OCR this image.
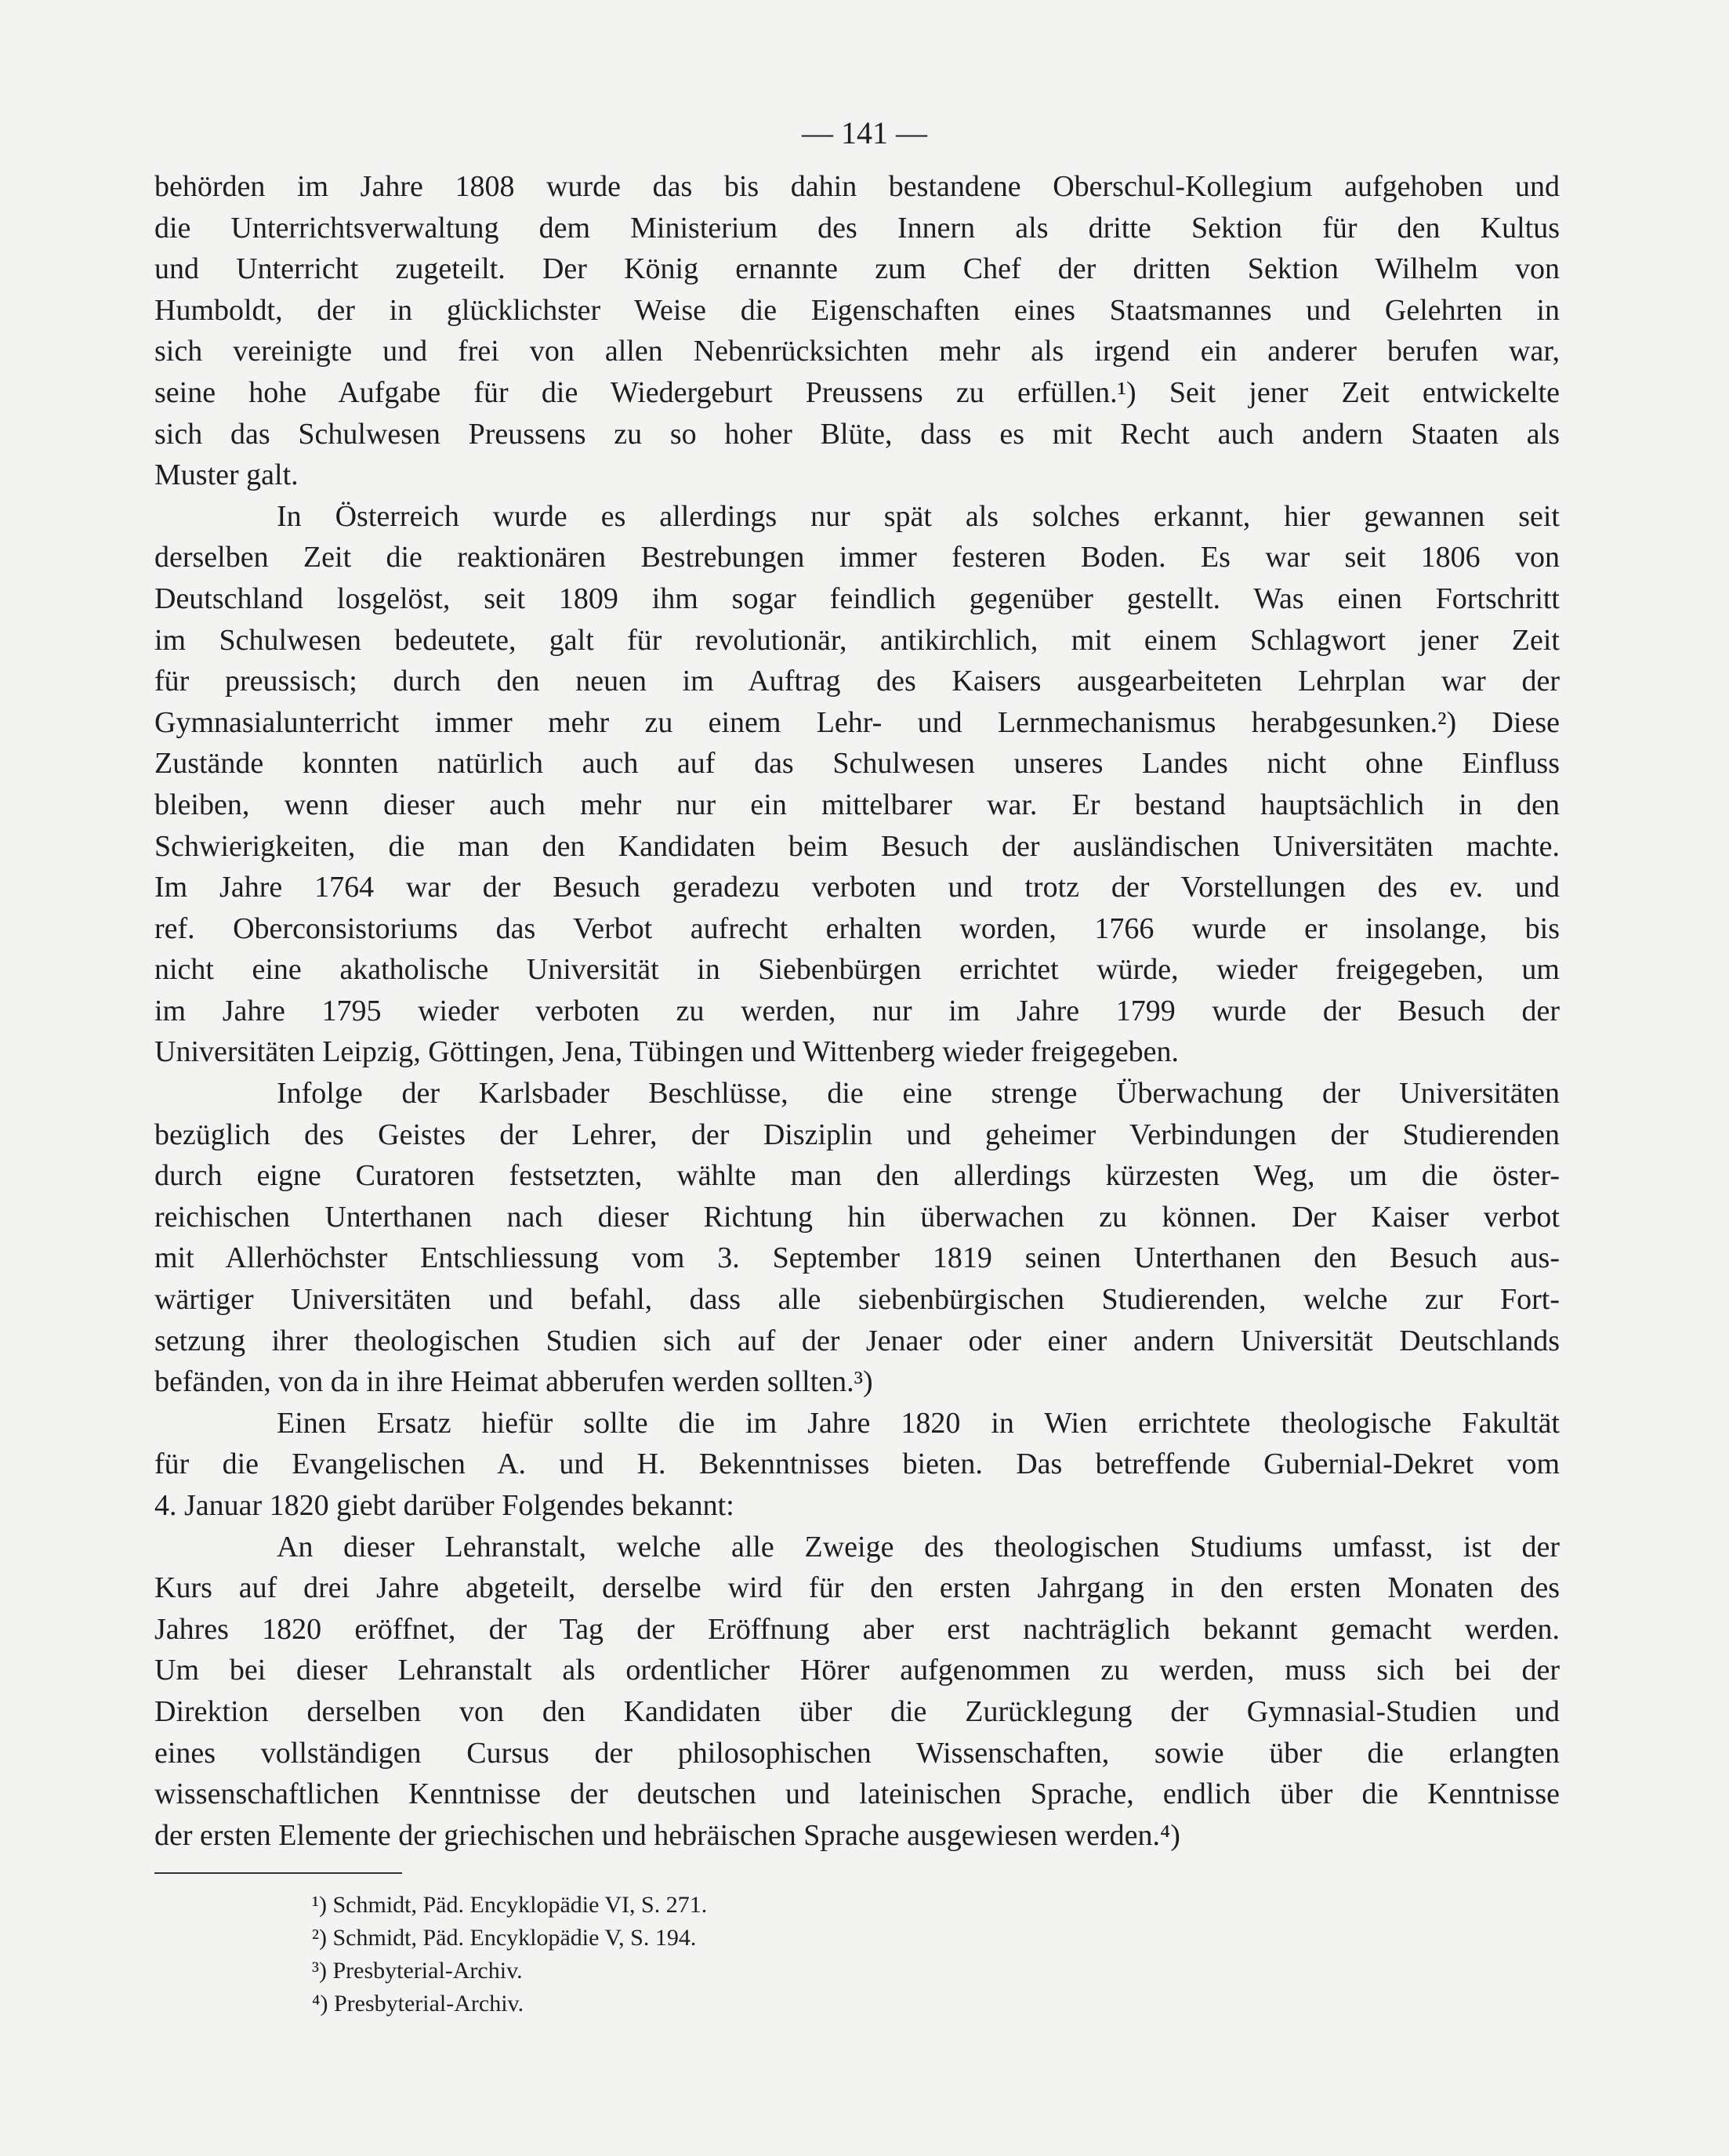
— 141 —
behörden im Jahre 1808 wurde das bis dahin bestandene Oberschul-Kollegium aufgehoben und
die Unterrichtsverwaltung dem Ministerium des Innern als dritte Sektion für den Kultus
und Unterricht zugeteilt. Der König ernannte zum Chef der dritten Sektion Wilhelm von
Humboldt, der in glücklichster Weise die Eigenschaften eines Staatsmannes und Gelehrten in
sich vereinigte und frei von allen Nebenrücksichten mehr als irgend ein anderer berufen war,
seine hohe Aufgabe für die Wiedergeburt Preussens zu erfüllen.¹) Seit jener Zeit entwickelte
sich das Schulwesen Preussens zu so hoher Blüte, dass es mit Recht auch andern Staaten als
Muster galt.
In Österreich wurde es allerdings nur spät als solches erkannt, hier gewannen seit
derselben Zeit die reaktionären Bestrebungen immer festeren Boden. Es war seit 1806 von
Deutschland losgelöst, seit 1809 ihm sogar feindlich gegenüber gestellt. Was einen Fortschritt
im Schulwesen bedeutete, galt für revolutionär, antikirchlich, mit einem Schlagwort jener Zeit
für preussisch; durch den neuen im Auftrag des Kaisers ausgearbeiteten Lehrplan war der
Gymnasialunterricht immer mehr zu einem Lehr- und Lernmechanismus herabgesunken.²) Diese
Zustände konnten natürlich auch auf das Schulwesen unseres Landes nicht ohne Einfluss
bleiben, wenn dieser auch mehr nur ein mittelbarer war. Er bestand hauptsächlich in den
Schwierigkeiten, die man den Kandidaten beim Besuch der ausländischen Universitäten machte.
Im Jahre 1764 war der Besuch geradezu verboten und trotz der Vorstellungen des ev. und
ref. Oberconsistoriums das Verbot aufrecht erhalten worden, 1766 wurde er insolange, bis
nicht eine akatholische Universität in Siebenbürgen errichtet würde, wieder freigegeben, um
im Jahre 1795 wieder verboten zu werden, nur im Jahre 1799 wurde der Besuch der
Universitäten Leipzig, Göttingen, Jena, Tübingen und Wittenberg wieder freigegeben.
Infolge der Karlsbader Beschlüsse, die eine strenge Überwachung der Universitäten
bezüglich des Geistes der Lehrer, der Disziplin und geheimer Verbindungen der Studierenden
durch eigne Curatoren festsetzten, wählte man den allerdings kürzesten Weg, um die öster-
reichischen Unterthanen nach dieser Richtung hin überwachen zu können. Der Kaiser verbot
mit Allerhöchster Entschliessung vom 3. September 1819 seinen Unterthanen den Besuch aus-
wärtiger Universitäten und befahl, dass alle siebenbürgischen Studierenden, welche zur Fort-
setzung ihrer theologischen Studien sich auf der Jenaer oder einer andern Universität Deutschlands
befänden, von da in ihre Heimat abberufen werden sollten.³)
Einen Ersatz hiefür sollte die im Jahre 1820 in Wien errichtete theologische Fakultät
für die Evangelischen A. und H. Bekenntnisses bieten. Das betreffende Gubernial-Dekret vom
4. Januar 1820 giebt darüber Folgendes bekannt:
An dieser Lehranstalt, welche alle Zweige des theologischen Studiums umfasst, ist der
Kurs auf drei Jahre abgeteilt, derselbe wird für den ersten Jahrgang in den ersten Monaten des
Jahres 1820 eröffnet, der Tag der Eröffnung aber erst nachträglich bekannt gemacht werden.
Um bei dieser Lehranstalt als ordentlicher Hörer aufgenommen zu werden, muss sich bei der
Direktion derselben von den Kandidaten über die Zurücklegung der Gymnasial-Studien und
eines vollständigen Cursus der philosophischen Wissenschaften, sowie über die erlangten
wissenschaftlichen Kenntnisse der deutschen und lateinischen Sprache, endlich über die Kenntnisse
der ersten Elemente der griechischen und hebräischen Sprache ausgewiesen werden.⁴)
¹) Schmidt, Päd. Encyklopädie VI, S. 271.
²) Schmidt, Päd. Encyklopädie V, S. 194.
³) Presbyterial-Archiv.
⁴) Presbyterial-Archiv.
